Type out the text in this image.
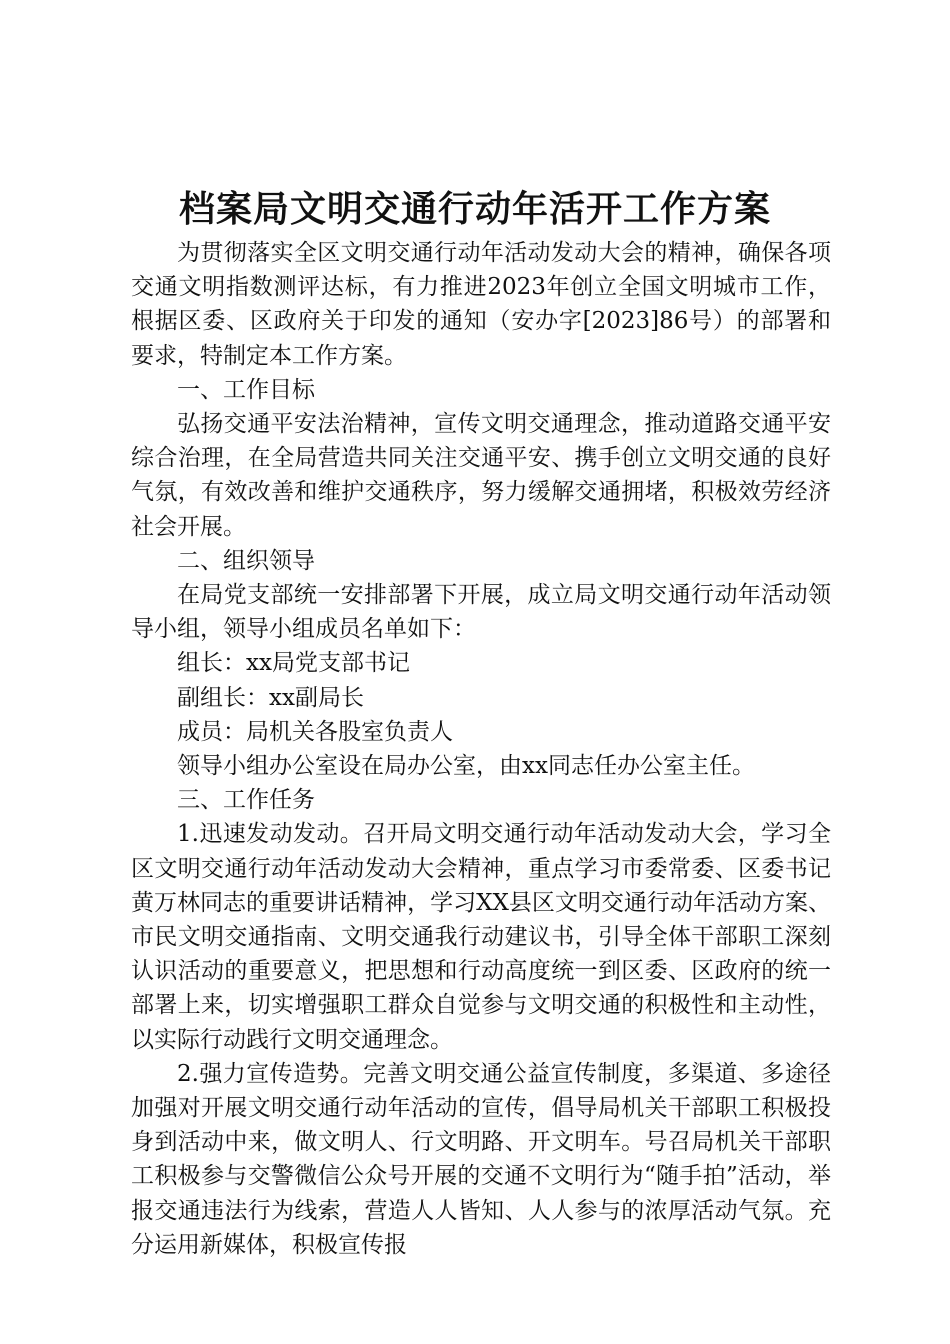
档案局文明交通行动年活开工作方案

为贯彻落实全区文明交通行动年活动发动大会的精神，确保各项交通文明指数测评达标，有力推进2023年创立全国文明城市工作，根据区委、区政府关于印发的通知（安办字[2023]86号）的部署和要求，特制定本工作方案。

一、工作目标

弘扬交通平安法治精神，宣传文明交通理念，推动道路交通平安综合治理，在全局营造共同关注交通平安、携手创立文明交通的良好气氛，有效改善和维护交通秩序，努力缓解交通拥堵，积极效劳经济社会开展。

二、组织领导

在局党支部统一安排部署下开展，成立局文明交通行动年活动领导小组，领导小组成员名单如下：

组长：xx局党支部书记

副组长：xx副局长

成员：局机关各股室负责人

领导小组办公室设在局办公室，由xx同志任办公室主任。

三、工作任务

1.迅速发动发动。召开局文明交通行动年活动发动大会，学习全区文明交通行动年活动发动大会精神，重点学习市委常委、区委书记黄万林同志的重要讲话精神，学习XX县区文明交通行动年活动方案、市民文明交通指南、文明交通我行动建议书，引导全体干部职工深刻认识活动的重要意义，把思想和行动高度统一到区委、区政府的统一部署上来，切实增强职工群众自觉参与文明交通的积极性和主动性，以实际行动践行文明交通理念。

2.强力宣传造势。完善文明交通公益宣传制度，多渠道、多途径加强对开展文明交通行动年活动的宣传，倡导局机关干部职工积极投身到活动中来，做文明人、行文明路、开文明车。号召局机关干部职工积极参与交警微信公众号开展的交通不文明行为“随手拍”活动，举报交通违法行为线索，营造人人皆知、人人参与的浓厚活动气氛。充分运用新媒体，积极宣传报
